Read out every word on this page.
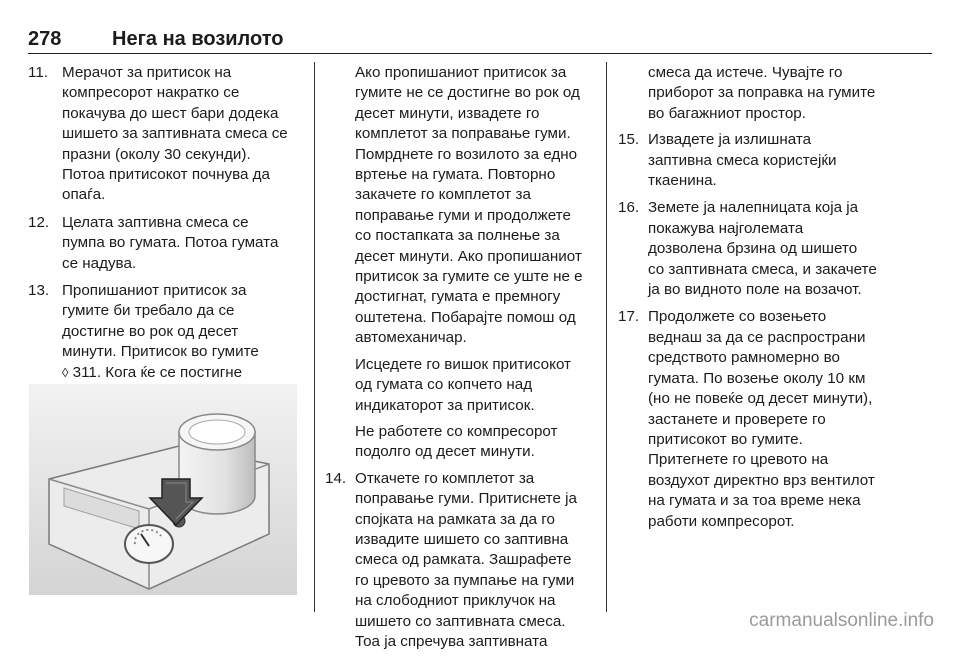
278	Нега на возилото
11. Мерачот за притисок на
компресорот накратко се
покачува до шест бари додека
шишето за заптивната смеса се
празни (околу 30 секунди).
Потоа притисокот почнува да
опаѓа.
12. Целата заптивна смеса се
пумпа во гумата. Потоа гумата
се надува.
13. Пропишаниот притисок за
гумите би требало да се
достигне во рок од десет
минути. Притисок во гумите
◊ 311. Кога ќе се постигне
Ако пропишаниот притисок за
гумите не се достигне во рок од
десет минути, извадете го
комплетот за поправање гуми.
Помрднете го возилото за едно
вртење на гумата. Повторно
закачете го комплетот за
поправање гуми и продолжете
со постапката за полнење за
десет минути. Ако пропишаниот
притисок за гумите се уште не е
достигнат, гумата е премногу
оштетена. Побарајте помош од
автомеханичар.
Исцедете го вишок притисокот
од гумата со копчето над
индикаторот за притисок.
Не работете со компресорот
подолго од десет минути.
14. Откачете го комплетот за
поправање гуми. Притиснете ја
спојката на рамката за да го
извадите шишето со заптивна
смеса од рамката. Зашрафете
го цревото за пумпање на гуми
на слободниот приклучок на
шишето со заптивната смеса.
Тоа ја спречува заптивната
смеса да истече. Чувајте го
приборот за поправка на гумите
во багажниот простор.
15. Извадете ја излишната
заптивна смеса користејќи
ткаенина.
16. Земете ја налепницата која ја
покажува најголемата
дозволена брзина од шишето
со заптивната смеса, и закачете
ја во видното поле на возачот.
17. Продолжете со возењето
веднаш за да се распространи
средството рамномерно во
гумата. По возење околу 10 км
(но не повеќе од десет минути),
застанете и проверете го
притисокот во гумите.
Притегнете го цревото на
воздухот директно врз вентилот
на гумата и за тоа време нека
работи компресорот.
carmanualsonline.info
